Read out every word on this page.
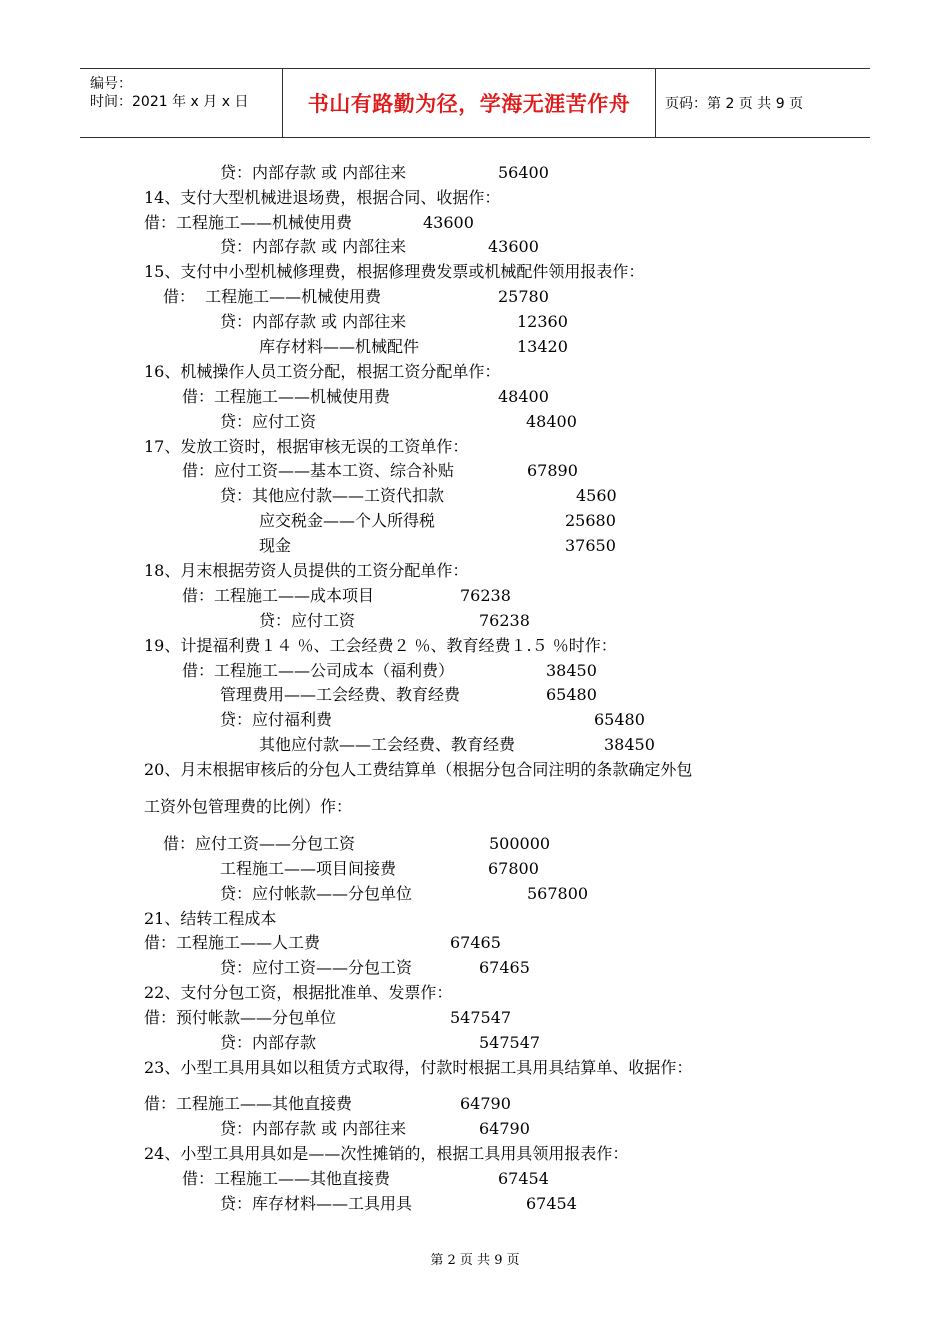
编号：
时间：2021 年 x 月 x 日	书山有路勤为径，学海无涯苦作舟 页码：第 2 页 共 9 页
贷：内部存款 或 内部往来	56400
14、支付大型机械进退场费，根据合同、收据作：
借：工程施工——机械使用费	43600
贷：内部存款 或 内部往来	43600
15、支付中小型机械修理费，根据修理费发票或机械配件领用报表作：
借：  工程施工——机械使用费	25780
贷：内部存款 或 内部往来	12360
库存材料——机械配件	13420
16、机械操作人员工资分配，根据工资分配单作：
借：工程施工——机械使用费	48400
贷：应付工资	48400
17、发放工资时，根据审核无误的工资单作：
借：应付工资——基本工资、综合补贴	67890
贷：其他应付款——工资代扣款	4560
应交税金——个人所得税	25680
现金	37650
18、月末根据劳资人员提供的工资分配单作：
借：工程施工——成本项目	76238
贷：应付工资	76238
19、计提福利费１４ ％、工会经费２ ％、教育经费１.５ ％时作：
借：工程施工——公司成本（福利费）	38450
管理费用——工会经费、教育经费	65480
贷：应付福利费	65480
其他应付款——工会经费、教育经费	38450
20、月末根据审核后的分包人工费结算单（根据分包合同注明的条款确定外包
工资外包管理费的比例）作：
借：应付工资——分包工资	500000
工程施工——项目间接费	67800
贷：应付帐款——分包单位	567800
21、结转工程成本
借：工程施工——人工费	67465
贷：应付工资——分包工资	67465
22、支付分包工资，根据批准单、发票作：
借：预付帐款——分包单位	547547
贷：内部存款	547547
23、小型工具用具如以租赁方式取得，付款时根据工具用具结算单、收据作：
借：工程施工——其他直接费	64790
贷：内部存款 或 内部往来	64790
24、小型工具用具如是——次性摊销的，根据工具用具领用报表作：
借：工程施工——其他直接费	67454
贷：库存材料——工具用具	67454
第 2 页 共 9 页
